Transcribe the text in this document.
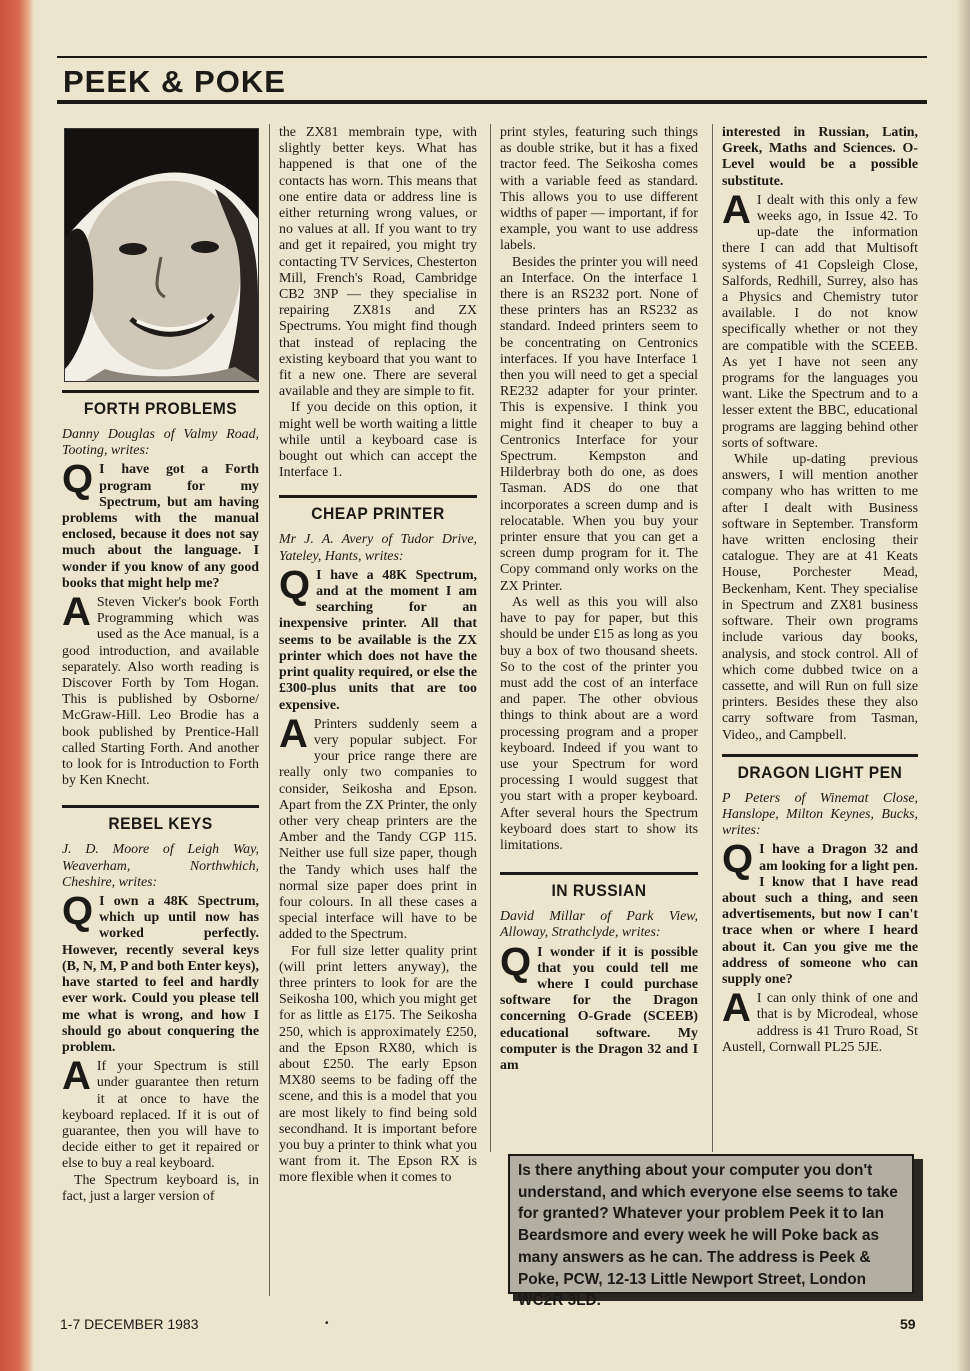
PEEK & POKE
FORTH PROBLEMS
Danny Douglas of Valmy Road, Tooting, writes:
Q I have got a Forth program for my Spectrum, but am having problems with the manual enclosed, because it does not say much about the language. I wonder if you know of any good books that might help me?

A Steven Vicker's book Forth Programming which was used as the Ace manual, is a good introduction, and available separately. Also worth reading is Discover Forth by Tom Hogan. This is published by Osborne/ McGraw-Hill. Leo Brodie has a book published by Prentice-Hall called Starting Forth. And another to look for is Introduction to Forth by Ken Knecht.

REBEL KEYS
J. D. Moore of Leigh Way, Weaverham, Northwhich, Cheshire, writes:
Q I own a 48K Spectrum, which up until now has worked perfectly. However, recently several keys (B, N, M, P and both Enter keys), have started to feel and hardly ever work. Could you please tell me what is wrong, and how I should go about conquering the problem.

A If your Spectrum is still under guarantee then return it at once to have the keyboard replaced. If it is out of guarantee, then you will have to decide either to get it repaired or else to buy a real keyboard.

The Spectrum keyboard is, in fact, just a larger version of

the ZX81 membrain type, with slightly better keys. What has happened is that one of the contacts has worn. This means that one entire data or address line is either returning wrong values, or no values at all. If you want to try and get it repaired, you might try contacting TV Services, Chesterton Mill, French's Road, Cambridge CB2 3NP — they specialise in repairing ZX81s and ZX Spectrums. You might find though that instead of replacing the existing keyboard that you want to fit a new one. There are several available and they are simple to fit.

If you decide on this option, it might well be worth waiting a little while until a keyboard case is bought out which can accept the Interface 1.

CHEAP PRINTER
Mr J. A. Avery of Tudor Drive, Yateley, Hants, writes:
Q I have a 48K Spectrum, and at the moment I am searching for an inexpensive printer. All that seems to be available is the ZX printer which does not have the print quality required, or else the £300-plus units that are too expensive.

A Printers suddenly seem a very popular subject. For your price range there are really only two companies to consider, Seikosha and Epson. Apart from the ZX Printer, the only other very cheap printers are the Amber and the Tandy CGP 115. Neither use full size paper, though the Tandy which uses half the normal size paper does print in four colours. In all these cases a special interface will have to be added to the Spectrum.

For full size letter quality print (will print letters anyway), the three printers to look for are the Seikosha 100, which you might get for as little as £175. The Seikosha 250, which is approximately £250, and the Epson RX80, which is about £250. The early Epson MX80 seems to be fading off the scene, and this is a model that you are most likely to find being sold secondhand. It is important before you buy a printer to think what you want from it. The Epson RX is more flexible when it comes to

print styles, featuring such things as double strike, but it has a fixed tractor feed. The Seikosha comes with a variable feed as standard. This allows you to use different widths of paper — important, if for example, you want to use address labels.

Besides the printer you will need an Interface. On the interface 1 there is an RS232 port. None of these printers has an RS232 as standard. Indeed printers seem to be concentrating on Centronics interfaces. If you have Interface 1 then you will need to get a special RE232 adapter for your printer. This is expensive. I think you might find it cheaper to buy a Centronics Interface for your Spectrum. Kempston and Hilderbray both do one, as does Tasman. ADS do one that incorporates a screen dump and is relocatable. When you buy your printer ensure that you can get a screen dump program for it. The Copy command only works on the ZX Printer.

As well as this you will also have to pay for paper, but this should be under £15 as long as you buy a box of two thousand sheets. So to the cost of the printer you must add the cost of an interface and paper. The other obvious things to think about are a word processing program and a proper keyboard. Indeed if you want to use your Spectrum for word processing I would suggest that you start with a proper keyboard. After several hours the Spectrum keyboard does start to show its limitations.

IN RUSSIAN
David Millar of Park View, Alloway, Strathclyde, writes:
Q I wonder if it is possible that you could tell me where I could purchase software for the Dragon concerning O-Grade (SCEEB) educational software. My computer is the Dragon 32 and I am

interested in Russian, Latin, Greek, Maths and Sciences. O-Level would be a possible substitute.

A I dealt with this only a few weeks ago, in Issue 42. To up-date the information there I can add that Multisoft systems of 41 Copsleigh Close, Salfords, Redhill, Surrey, also has a Physics and Chemistry tutor available. I do not know specifically whether or not they are compatible with the SCEEB. As yet I have not seen any programs for the languages you want. Like the Spectrum and to a lesser extent the BBC, educational programs are lagging behind other sorts of software.

While up-dating previous answers, I will mention another company who has written to me after I dealt with Business software in September. Transform have written enclosing their catalogue. They are at 41 Keats House, Porchester Mead, Beckenham, Kent. They specialise in Spectrum and ZX81 business software. Their own programs include various day books, analysis, and stock control. All of which come dubbed twice on a cassette, and will Run on full size printers. Besides these they also carry software from Tasman, Video,, and Campbell.

DRAGON LIGHT PEN
P Peters of Winemat Close, Hanslope, Milton Keynes, Bucks, writes:
Q I have a Dragon 32 and am looking for a light pen. I know that I have read about such a thing, and seen advertisements, but now I can't trace when or where I heard about it. Can you give me the address of someone who can supply one?

A I can only think of one and that is by Microdeal, whose address is 41 Truro Road, St Austell, Cornwall PL25 5JE.

Is there anything about your computer you don't understand, and which everyone else seems to take for granted? Whatever your problem Peek it to Ian Beardsmore and every week he will Poke back as many answers as he can. The address is Peek & Poke, PCW, 12-13 Little Newport Street, London WC2R 3LD.
1-7 DECEMBER 1983	•	59
